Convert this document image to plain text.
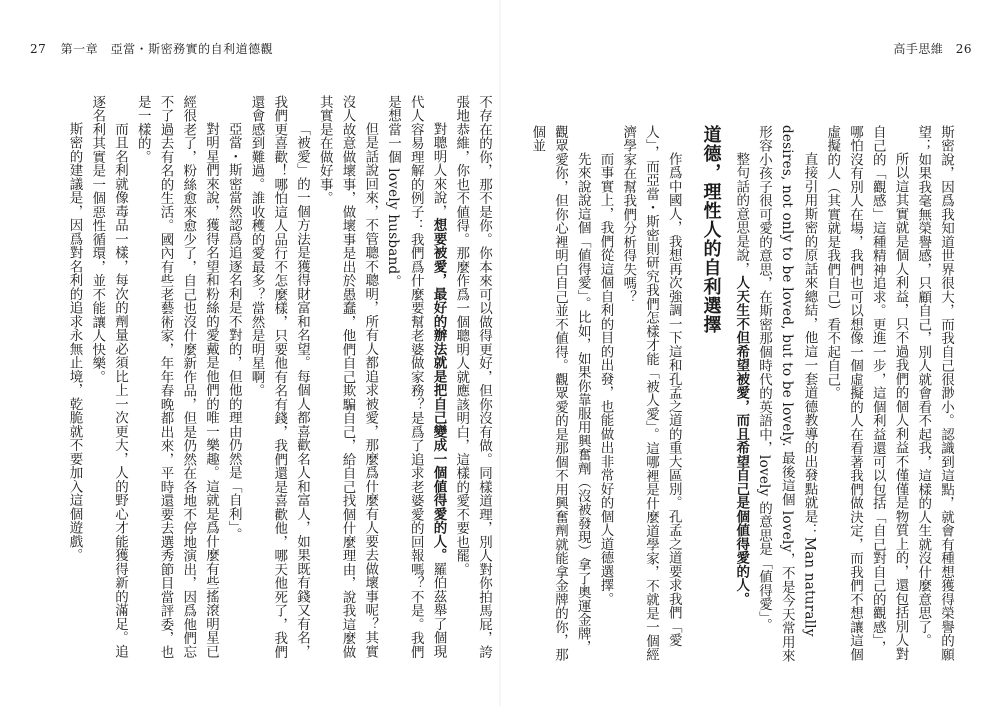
27 第一章　亞當・斯密務實的自利道德觀	高手思維 26

斯密說，因爲我知道世界很大，而我自己很渺小。認識到這點，就會有種想獲得榮譽的願望；如果我毫無榮譽感，只顧自己，別人就會看不起我，這樣的人生就沒什麼意思了。

所以這其實就是個人利益，只不過我們的個人利益不僅僅是物質上的，還包括別人對自己的「觀感」這種精神追求。更進一步，這個利益還可以包括「自己對自己的觀感」，哪怕沒有別人在場，我們也可以想像一個虛擬的人在看著我們做決定，而我們不想讓這個虛擬的人（其實就是我們自己）看不起自己。

直接引用斯密的原話來總結，他這一套道德教導的出發點就是：Man naturally desires, not only to be loved, but to be lovely. 最後這個 lovely，不是今天常用來形容小孩子很可愛的意思，在斯密那個時代的英語中，lovely 的意思是「値得愛」。

整句話的意思是說，人天生不但希望被愛，而且希望自己是個値得愛的人。

道德，理性人的自利選擇

作爲中國人，我想再次強調一下這和孔孟之道的重大區別。孔孟之道要求我們「愛人」，而亞當・斯密則研究我們怎樣才能「被人愛」。這哪裡是什麼道學家，不就是一個經濟學家在幫我們分析得失嗎？

而事實上，我們從這個自利的目的出發，也能做出非常好的個人道德選擇。

先來說說這個「値得愛」。比如，如果你靠服用興奮劑（沒被發現）拿了奧運金牌，觀眾愛你，但你心裡明白自己並不値得。觀眾愛的是那個不用興奮劑就能拿金牌的你，那個並

不存在的你，那不是你。你本來可以做得更好，但你沒有做。同樣道理，別人對你拍馬屁，誇張地恭維，你也不値得。那麼作爲一個聰明人就應該明白，這樣的愛不要也罷。

對聰明人來說，想要被愛，最好的辦法就是把自己變成一個値得愛的人。羅伯茲舉了個現代人容易理解的例子：我們爲什麼要幫老婆做家務？是爲了追求老婆愛的回報嗎？不是。我們是想當一個 lovely husband。

但是話說回來，不管聰不聰明，所有人都追求被愛，那麼爲什麼有人要去做壞事呢？其實沒人故意做壞事，做壞事是出於愚蠢，他們自己欺騙自己，給自己找個什麼理由，說我這麼做其實是在做好事。

「被愛」的一個方法是獲得財富和名望。每個人都喜歡名人和富人，如果既有錢又有名，我們更喜歡！哪怕這人品行不怎麼樣，只要他有名有錢，我們還是喜歡他，哪天他死了，我們還會感到難過。誰收穫的愛最多？當然是明星啊。

亞當・斯密當然認爲追逐名利是不對的，但他的理由仍然是「自利」。

對明星們來說，獲得名望和粉絲的愛戴是他們的唯一樂趣。這就是爲什麼有些搖滾明星已經很老了，粉絲愈來愈少了，自己也沒什麼新作品，但是仍然在各地不停地演出，因爲他們忘不了過去有名的生活。國內有些老藝術家，年年春晚都出來，平時還要去選秀節目當評委，也是一樣的。

而且名利就像毒品一樣，每次的劑量必須比上一次更大，人的野心才能獲得新的滿足。追逐名利其實是一個惡性循環，並不能讓人快樂。

斯密的建議是，因爲對名利的追求永無止境，乾脆就不要加入這個遊戲。
